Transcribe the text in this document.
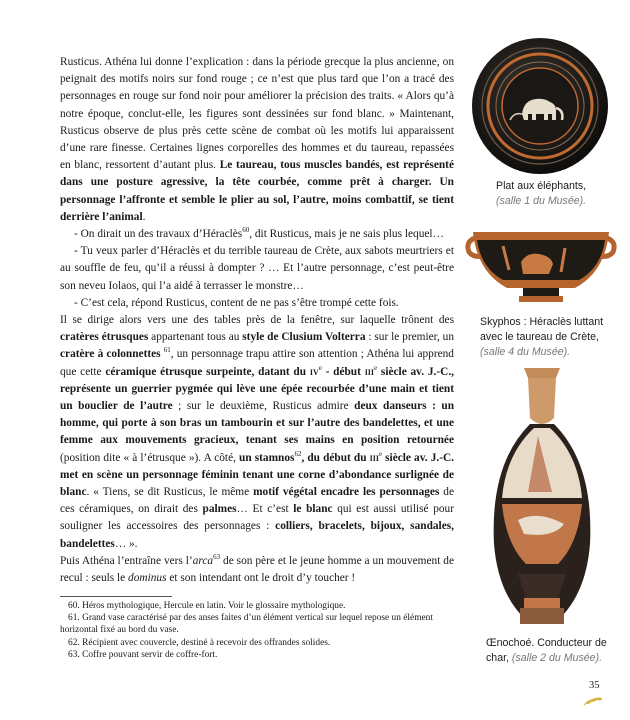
Rusticus. Athéna lui donne l’explication : dans la période grecque la plus ancienne, on peignait des motifs noirs sur fond rouge ; ce n’est que plus tard que l’on a tracé des personnages en rouge sur fond noir pour améliorer la précision des traits. « Alors qu’à notre époque, conclut-elle, les figures sont dessinées sur fond blanc. » Maintenant, Rusticus observe de plus près cette scène de combat où les motifs lui apparaissent d’une rare finesse. Certaines lignes corporelles des hommes et du taureau, repassées en blanc, ressortent d’autant plus. Le taureau, tous muscles bandés, est représenté dans une posture agressive, la tête courbée, comme prêt à charger. Un personnage l’affronte et semble le plier au sol, l’autre, moins combattif, se tient derrière l’animal.

- On dirait un des travaux d’Héraclès$^{60}$, dit Rusticus, mais je ne sais plus lequel…

- Tu veux parler d’Héraclès et du terrible taureau de Crète, aux sabots meurtriers et au souffle de feu, qu’il a réussi à dompter ? … Et l’autre personnage, c’est peut-être son neveu Iolaos, qui l’a aidé à terrasser le monstre…

- C’est cela, répond Rusticus, content de ne pas s’être trompé cette fois.

Il se dirige alors vers une des tables près de la fenêtre, sur laquelle trônent des cratères étrusques appartenant tous au style de Clusium Volterra : sur le premier, un cratère à colonnettes $^{61}$, un personnage trapu attire son attention ; Athéna lui apprend que cette céramique étrusque surpeinte, datant du $iv^e$ - début iii$^e$ siècle av. J.-C., représente un guerrier pygmée qui lève une épée recourbée d’une main et tient un bouclier de l’autre ; sur le deuxième, Rusticus admire deux danseurs : un homme, qui porte à son bras un tambourin et sur l’autre des bandelettes, et une femme aux mouvements gracieux, tenant ses mains en position retournée (position dite « à l’étrusque »). A côté, un stamnos$^{62}$, du début du iii$^e$ siècle av. J.-C. met en scène un personnage féminin tenant une corne d’abondance surlignée de blanc. « Tiens, se dit Rusticus, le même motif végétal encadre les personnages de ces céramiques, on dirait des palmes… Et c’est le blanc qui est aussi utilisé pour souligner les accessoires des personnages : colliers, bracelets, bijoux, sandales, bandelettes… ».

Puis Athéna l’entraîne vers l’arca$^{63}$ de son père et le jeune homme a un mouvement de recul : seuls le dominus et son intendant ont le droit d’y toucher !

60. Héros mythologique, Hercule en latin. Voir le glossaire mythologique.

61. Grand vase caractérisé par des anses faites d’un élément vertical sur lequel repose un élément horizontal fixé au bord du vase.

62. Récipient avec couvercle, destiné à recevoir des offrandes solides.

63. Coffre pouvant servir de coffre-fort.

Plat aux éléphants,
(salle 1 du Musée).
Skyphos : Héraclès luttant
avec le taureau de Crète,
(salle 4 du Musée).
Œnochoé. Conducteur de
char, (salle 2 du Musée).
35
